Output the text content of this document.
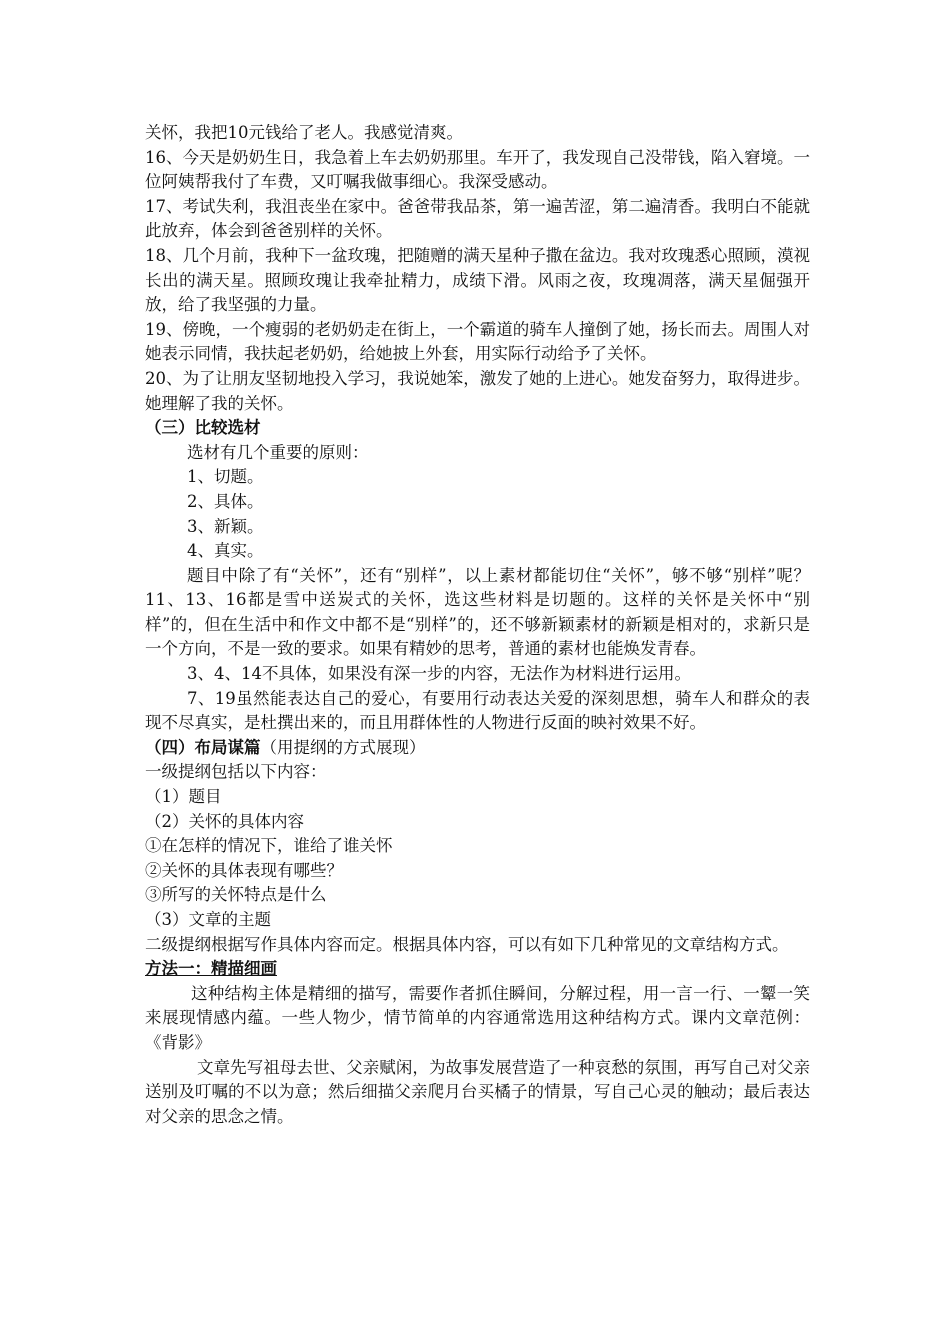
关怀，我把10元钱给了老人。我感觉清爽。

16、今天是奶奶生日，我急着上车去奶奶那里。车开了，我发现自己没带钱，陷入窘境。一位阿姨帮我付了车费，又叮嘱我做事细心。我深受感动。

17、考试失利，我沮丧坐在家中。爸爸带我品茶，第一遍苦涩，第二遍清香。我明白不能就此放弃，体会到爸爸别样的关怀。

18、几个月前，我种下一盆玫瑰，把随赠的满天星种子撒在盆边。我对玫瑰悉心照顾，漠视长出的满天星。照顾玫瑰让我牵扯精力，成绩下滑。风雨之夜，玫瑰凋落，满天星倔强开放，给了我坚强的力量。

19、傍晚，一个瘦弱的老奶奶走在街上，一个霸道的骑车人撞倒了她，扬长而去。周围人对她表示同情，我扶起老奶奶，给她披上外套，用实际行动给予了关怀。

20、为了让朋友坚韧地投入学习，我说她笨，激发了她的上进心。她发奋努力，取得进步。她理解了我的关怀。

（三）比较选材

选材有几个重要的原则：

1、切题。

2、具体。

3、新颖。

4、真实。

题目中除了有“关怀”，还有“别样”，以上素材都能切住“关怀”，够不够“别样”呢？11、13、16都是雪中送炭式的关怀，选这些材料是切题的。这样的关怀是关怀中“别样”的，但在生活中和作文中都不是“别样”的，还不够新颖素材的新颖是相对的，求新只是一个方向，不是一致的要求。如果有精妙的思考，普通的素材也能焕发青春。

3、4、14不具体，如果没有深一步的内容，无法作为材料进行运用。

7、19虽然能表达自己的爱心，有要用行动表达关爱的深刻思想，骑车人和群众的表现不尽真实，是杜撰出来的，而且用群体性的人物进行反面的映衬效果不好。

（四）布局谋篇（用提纲的方式展现）

一级提纲包括以下内容：

（1）题目

（2）关怀的具体内容

①在怎样的情况下，谁给了谁关怀

②关怀的具体表现有哪些？

③所写的关怀特点是什么

（3）文章的主题

二级提纲根据写作具体内容而定。根据具体内容，可以有如下几种常见的文章结构方式。

方法一：精描细画

这种结构主体是精细的描写，需要作者抓住瞬间，分解过程，用一言一行、一颦一笑来展现情感内蕴。一些人物少，情节简单的内容通常选用这种结构方式。课内文章范例：《背影》

文章先写祖母去世、父亲赋闲，为故事发展营造了一种哀愁的氛围，再写自己对父亲送别及叮嘱的不以为意；然后细描父亲爬月台买橘子的情景，写自己心灵的触动；最后表达对父亲的思念之情。
